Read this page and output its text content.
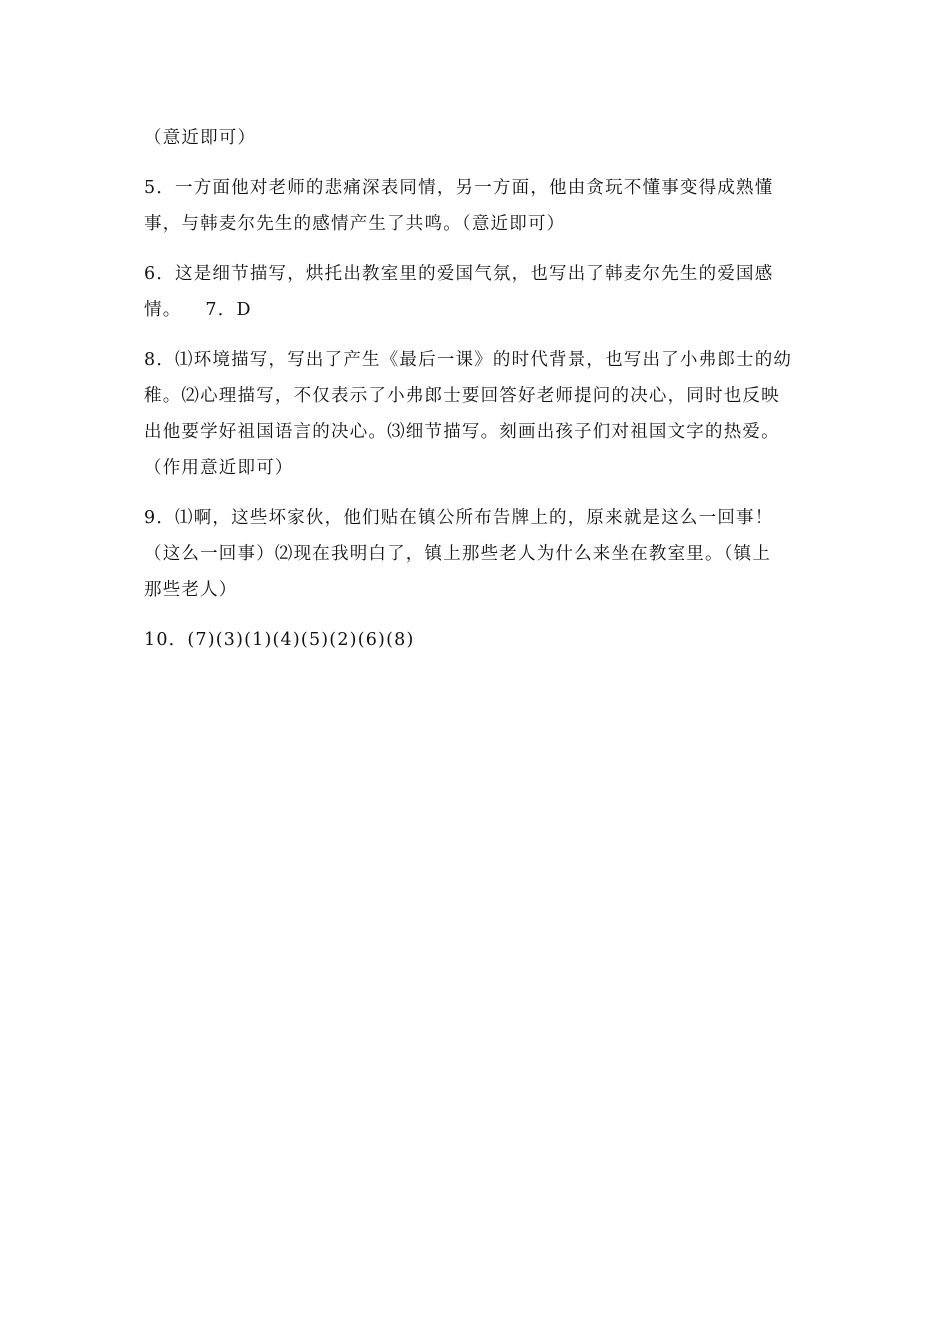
（意近即可）
5．一方面他对老师的悲痛深表同情，另一方面，他由贪玩不懂事变得成熟懂
事，与韩麦尔先生的感情产生了共鸣。（意近即可）
6．这是细节描写，烘托出教室里的爱国气氛，也写出了韩麦尔先生的爱国感
情。 7．D
8．⑴环境描写，写出了产生《最后一课》的时代背景，也写出了小弗郎士的幼
稚。⑵心理描写，不仅表示了小弗郎士要回答好老师提问的决心，同时也反映
出他要学好祖国语言的决心。⑶细节描写。刻画出孩子们对祖国文字的热爱。
（作用意近即可）
9．⑴啊，这些坏家伙，他们贴在镇公所布告牌上的，原来就是这么一回事！
（这么一回事）⑵现在我明白了，镇上那些老人为什么来坐在教室里。（镇上
那些老人）
10．(7)(3)(1)(4)(5)(2)(6)(8)
